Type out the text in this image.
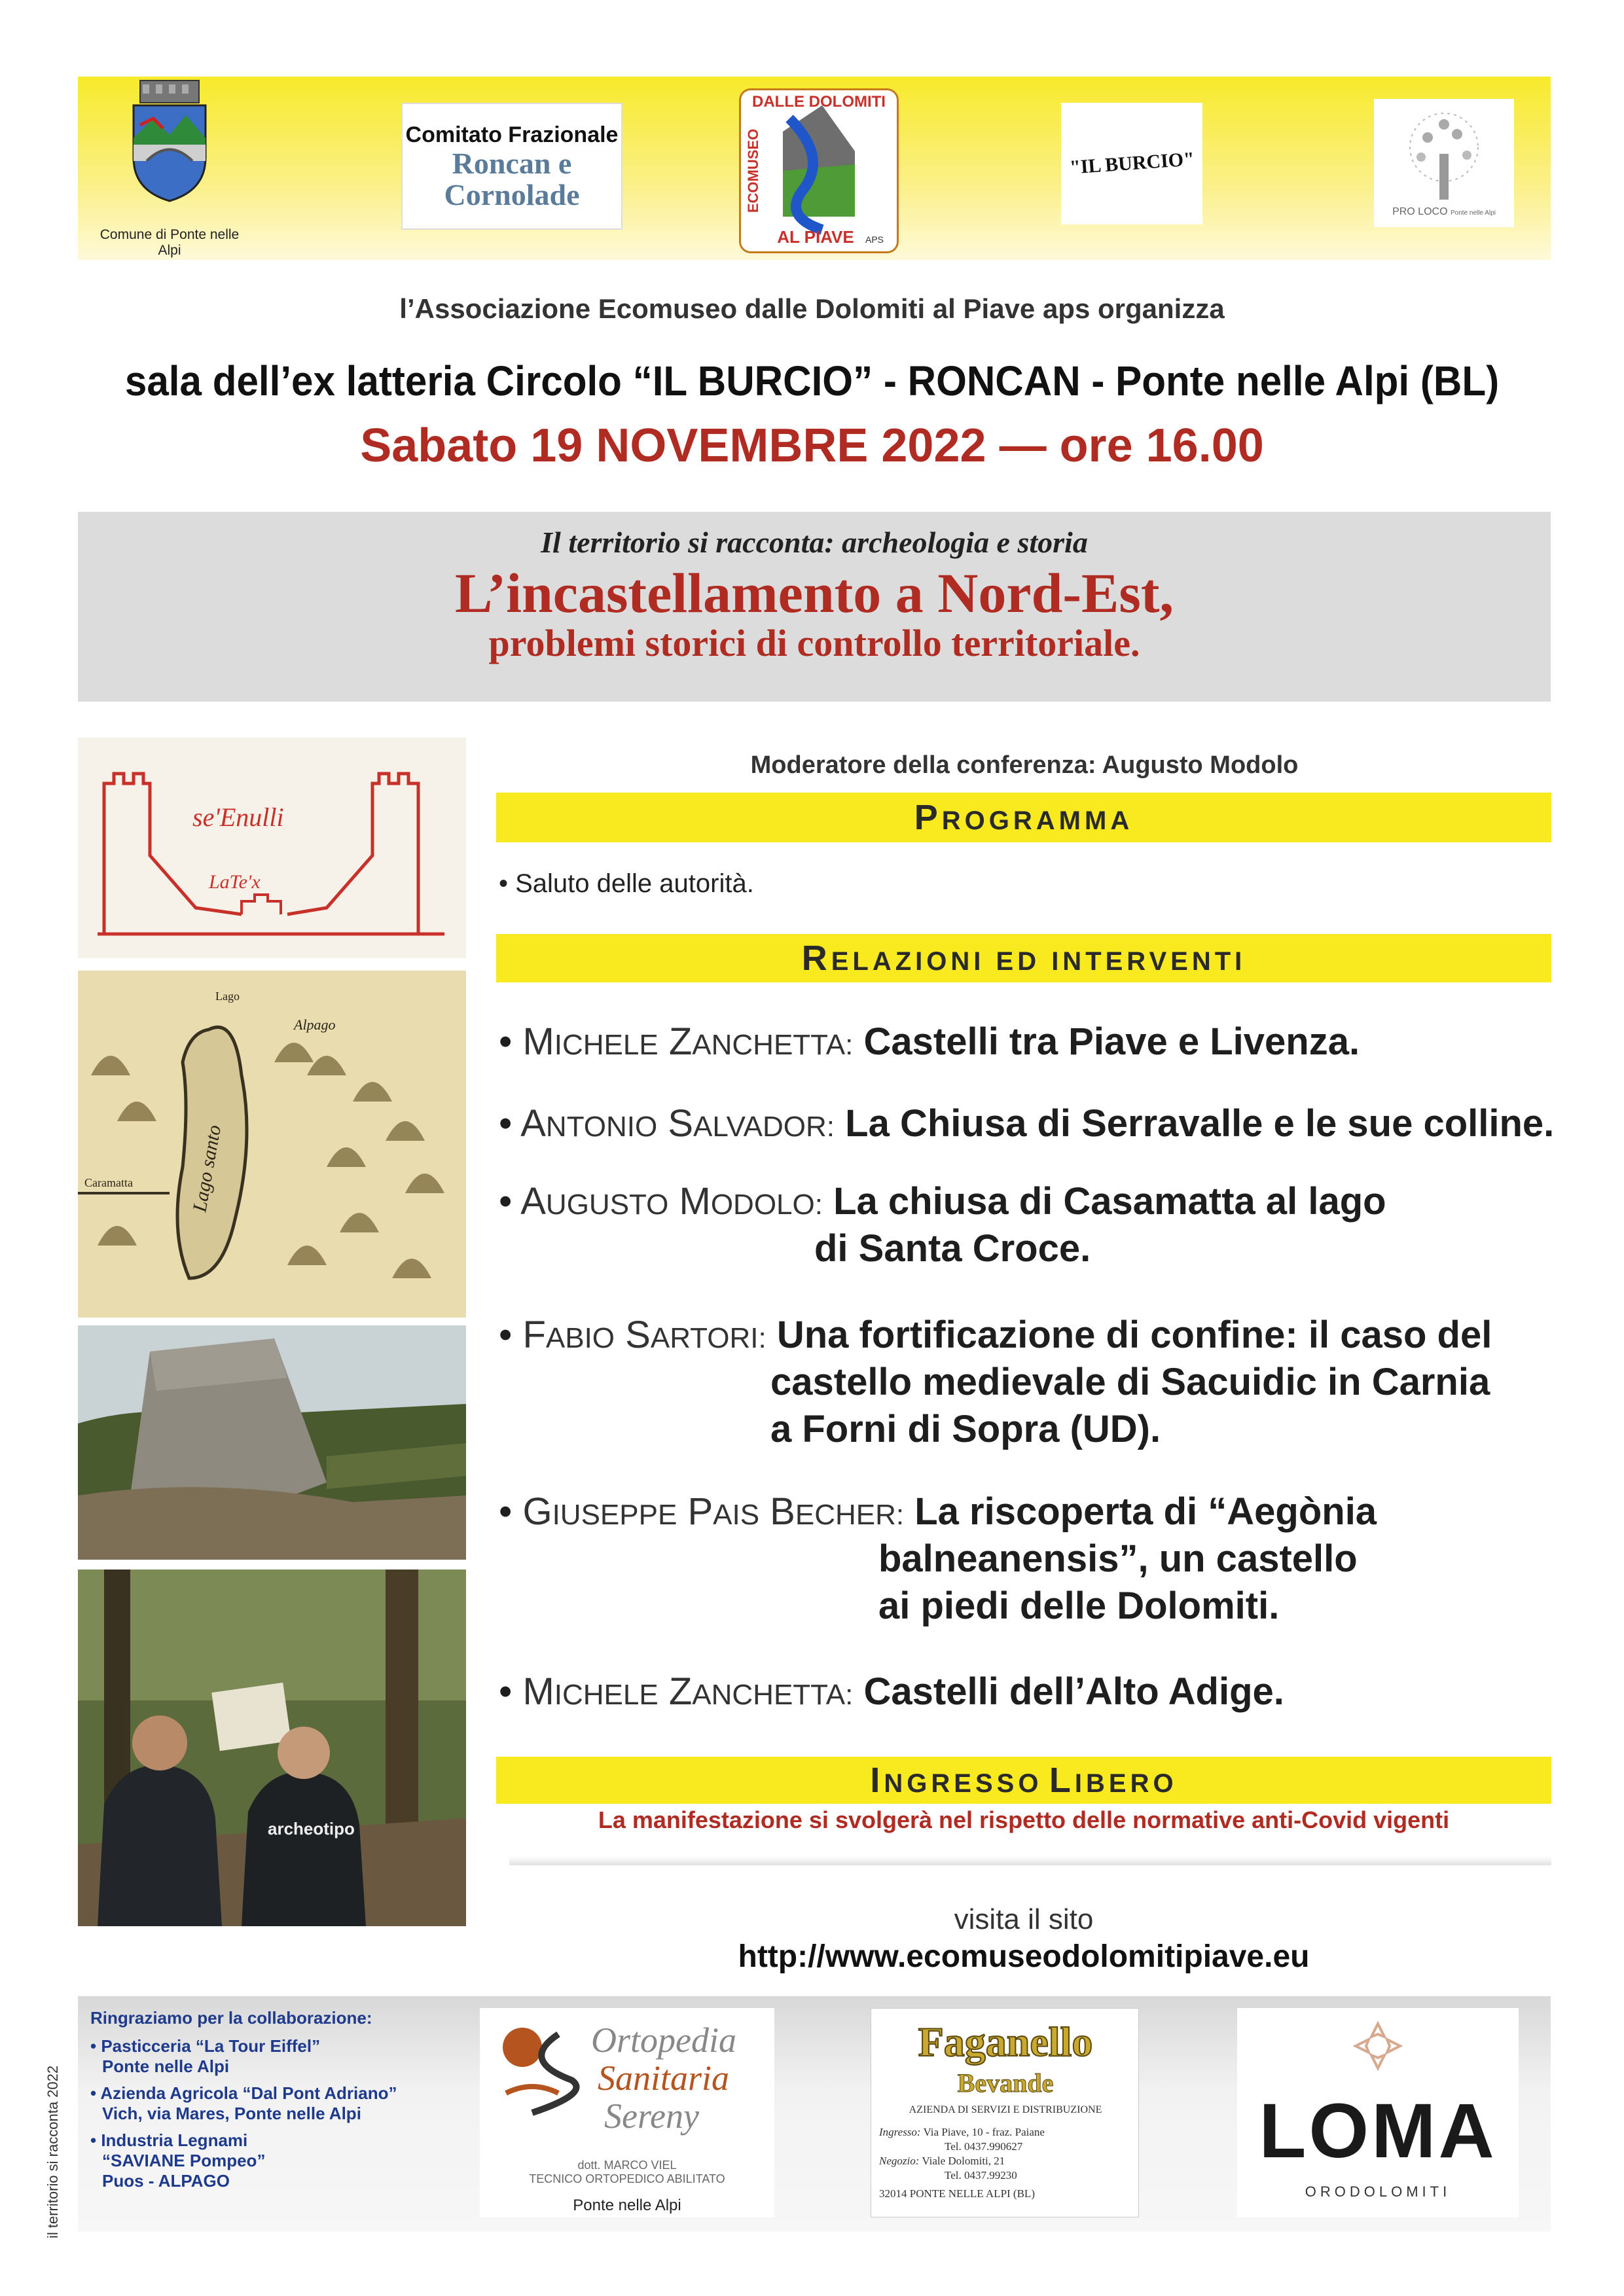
Comune di Ponte nelle Alpi
Comitato Frazionale
Roncan e
Cornolade
DALLE DOLOMITI
ECOMUSEO
AL PIAVE APS
"IL BURCIO"
PRO LOCO Ponte nelle Alpi
l’Associazione Ecomuseo dalle Dolomiti al Piave aps organizza
sala dell’ex latteria Circolo “IL BURCIO” - RONCAN - Ponte nelle Alpi (BL)
Sabato 19 NOVEMBRE 2022 — ore 16.00
Il territorio si racconta: archeologia e storia
L’incastellamento a Nord-Est,
problemi storici di controllo territoriale.
se'Enulli
LaTe'x
Lago santo
Lago
Alpago
Caramatta
archeotipo
Moderatore della conferenza: Augusto Modolo
PROGRAMMA
• Saluto delle autorità.
RELAZIONI ED INTERVENTI
• MICHELE ZANCHETTA: Castelli tra Piave e Livenza.
• ANTONIO SALVADOR: La Chiusa di Serravalle e le sue colline.
• AUGUSTO MODOLO: La chiusa di Casamatta al lago
di Santa Croce.
• FABIO SARTORI: Una fortificazione di confine: il caso del
castello medievale di Sacuidic in Carnia
a Forni di Sopra (UD).
• GIUSEPPE PAIS BECHER: La riscoperta di “Aegònia
balneanensis”, un castello
ai piedi delle Dolomiti.
• MICHELE ZANCHETTA: Castelli dell’Alto Adige.
INGRESSO LIBERO
La manifestazione si svolgerà nel rispetto delle normative anti-Covid vigenti
visita il sito
http://www.ecomuseodolomitipiave.eu
il territorio si racconta 2022
Ringraziamo per la collaborazione:
• Pasticceria “La Tour Eiffel”
Ponte nelle Alpi
• Azienda Agricola “Dal Pont Adriano”
Vich, via Mares, Ponte nelle Alpi
• Industria Legnami
“SAVIANE Pompeo”
Puos - ALPAGO
Ortopedia
Sanitaria
Sereny
dott. MARCO VIEL
TECNICO ORTOPEDICO ABILITATO
Ponte nelle Alpi
Faganello
Bevande
AZIENDA DI SERVIZI E DISTRIBUZIONE
Ingresso: Via Piave, 10 - fraz. Paiane
Tel. 0437.990627
Negozio: Viale Dolomiti, 21
Tel. 0437.99230
32014 PONTE NELLE ALPI (BL)
LOMA
ORODOLOMITI
